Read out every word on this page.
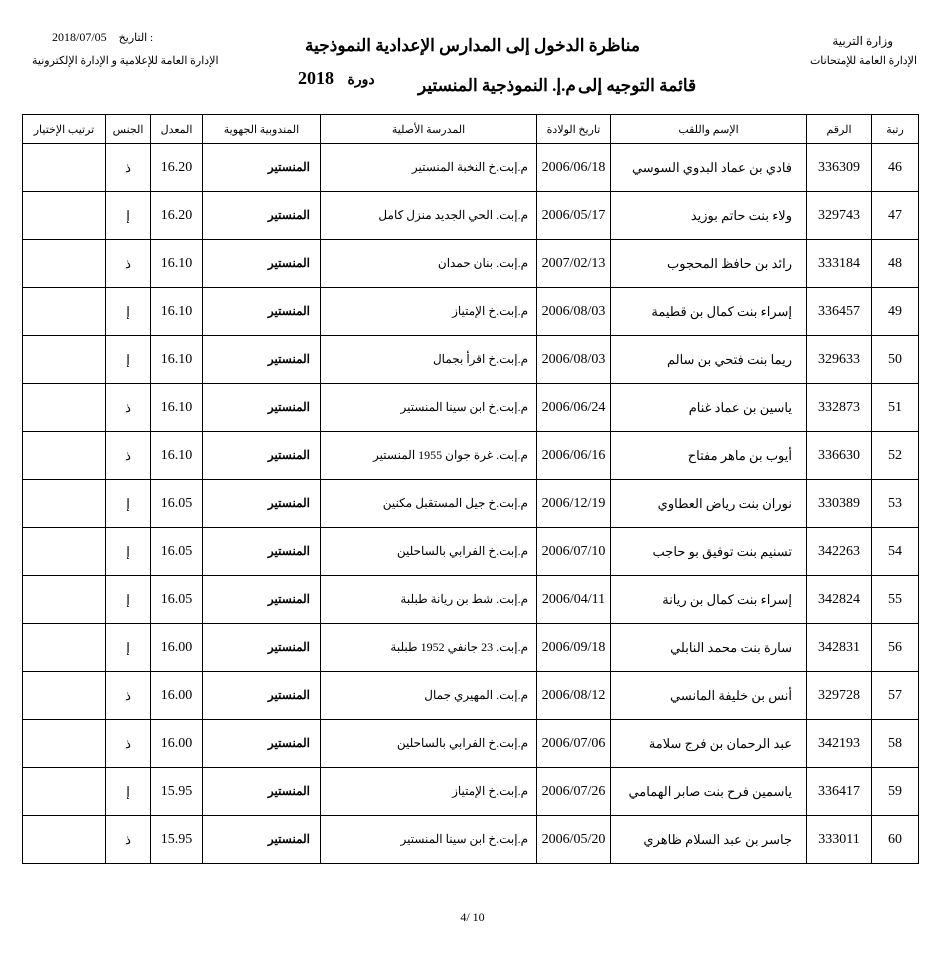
وزارة التربية
الإدارة العامة للإمتحانات
2018/07/05 التاريخ :
الإدارة العامة للإعلامية و الإدارة الإلكترونية
مناظرة الدخول إلى المدارس الإعدادية النموذجية
قائمة التوجيه إلى
م.إ. النموذجية المنستير
دورة   2018
رتبة	الرقم	الإسم واللقب	تاريخ الولادة	المدرسة الأصلية	المندوبية الجهوية	المعدل	الجنس	ترتيب الإختيار
46	336309	فادي بن عماد البدوي السوسي	2006/06/18	م.إبت.خ النخبة المنستير	المنستير	16.20	ذ	
47	329743	ولاء بنت حاتم بوزيد	2006/05/17	م.إبت. الحي الجديد منزل كامل	المنستير	16.20	إ	
48	333184	رائد بن حافظ المحجوب	2007/02/13	م.إبت. بنان حمدان	المنستير	16.10	ذ	
49	336457	إسراء بنت كمال بن قطيمة	2006/08/03	م.إبت.خ الإمتياز	المنستير	16.10	إ	
50	329633	ريما بنت فتحي بن سالم	2006/08/03	م.إبت.خ اقرأ بجمال	المنستير	16.10	إ	
51	332873	ياسين بن عماد غنام	2006/06/24	م.إبت.خ ابن سينا المنستير	المنستير	16.10	ذ	
52	336630	أيوب بن ماهر مفتاح	2006/06/16	م.إبت. غرة جوان 1955 المنستير	المنستير	16.10	ذ	
53	330389	نوران بنت رياض العطاوي	2006/12/19	م.إبت.خ جيل المستقبل مكنين	المنستير	16.05	إ	
54	342263	تسنيم بنت توفيق بو حاجب	2006/07/10	م.إبت.خ الفرابي بالساحلين	المنستير	16.05	إ	
55	342824	إسراء بنت كمال بن ريانة	2006/04/11	م.إبت. شط بن ريانة طبلبة	المنستير	16.05	إ	
56	342831	سارة بنت محمد النابلي	2006/09/18	م.إبت. 23 جانفي 1952 طبلبة	المنستير	16.00	إ	
57	329728	أنس بن خليفة المانسي	2006/08/12	م.إبت. المهيري جمال	المنستير	16.00	ذ	
58	342193	عبد الرحمان بن فرج سلامة	2006/07/06	م.إبت.خ الفرابي بالساحلين	المنستير	16.00	ذ	
59	336417	ياسمين فرح بنت صابر الهمامي	2006/07/26	م.إبت.خ الإمتياز	المنستير	15.95	إ	
60	333011	جاسر بن عبد السلام ظاهري	2006/05/20	م.إبت.خ ابن سينا المنستير	المنستير	15.95	ذ	
4/ 10
